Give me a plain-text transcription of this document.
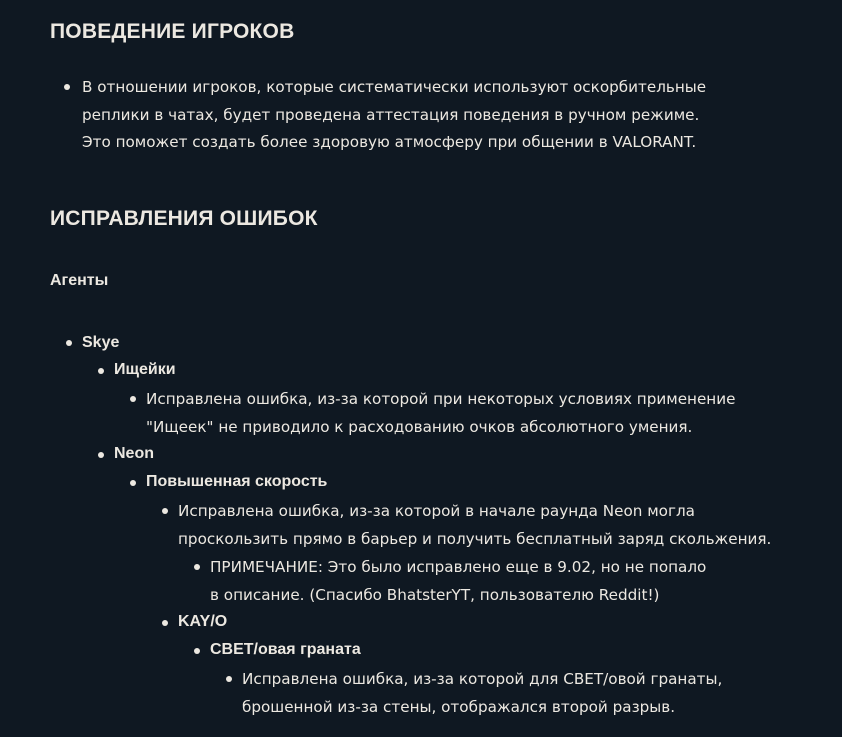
ПОВЕДЕНИЕ ИГРОКОВ
В отношении игроков, которые систематически используют оскорбительные
реплики в чатах, будет проведена аттестация поведения в ручном режиме.
Это поможет создать более здоровую атмосферу при общении в VALORANT.
ИСПРАВЛЕНИЯ ОШИБОК
Агенты
Skye
Ищейки
Исправлена ошибка, из-за которой при некоторых условиях применение
"Ищеек" не приводило к расходованию очков абсолютного умения.
Neon
Повышенная скорость
Исправлена ошибка, из-за которой в начале раунда Neon могла
проскользить прямо в барьер и получить бесплатный заряд скольжения.
ПРИМЕЧАНИЕ: Это было исправлено еще в 9.02, но не попало
в описание. (Спасибо BhatsterYT, пользователю Reddit!)
KAY/O
СВЕТ/овая граната
Исправлена ошибка, из-за которой для СВЕТ/овой гранаты,
брошенной из-за стены, отображался второй разрыв.
